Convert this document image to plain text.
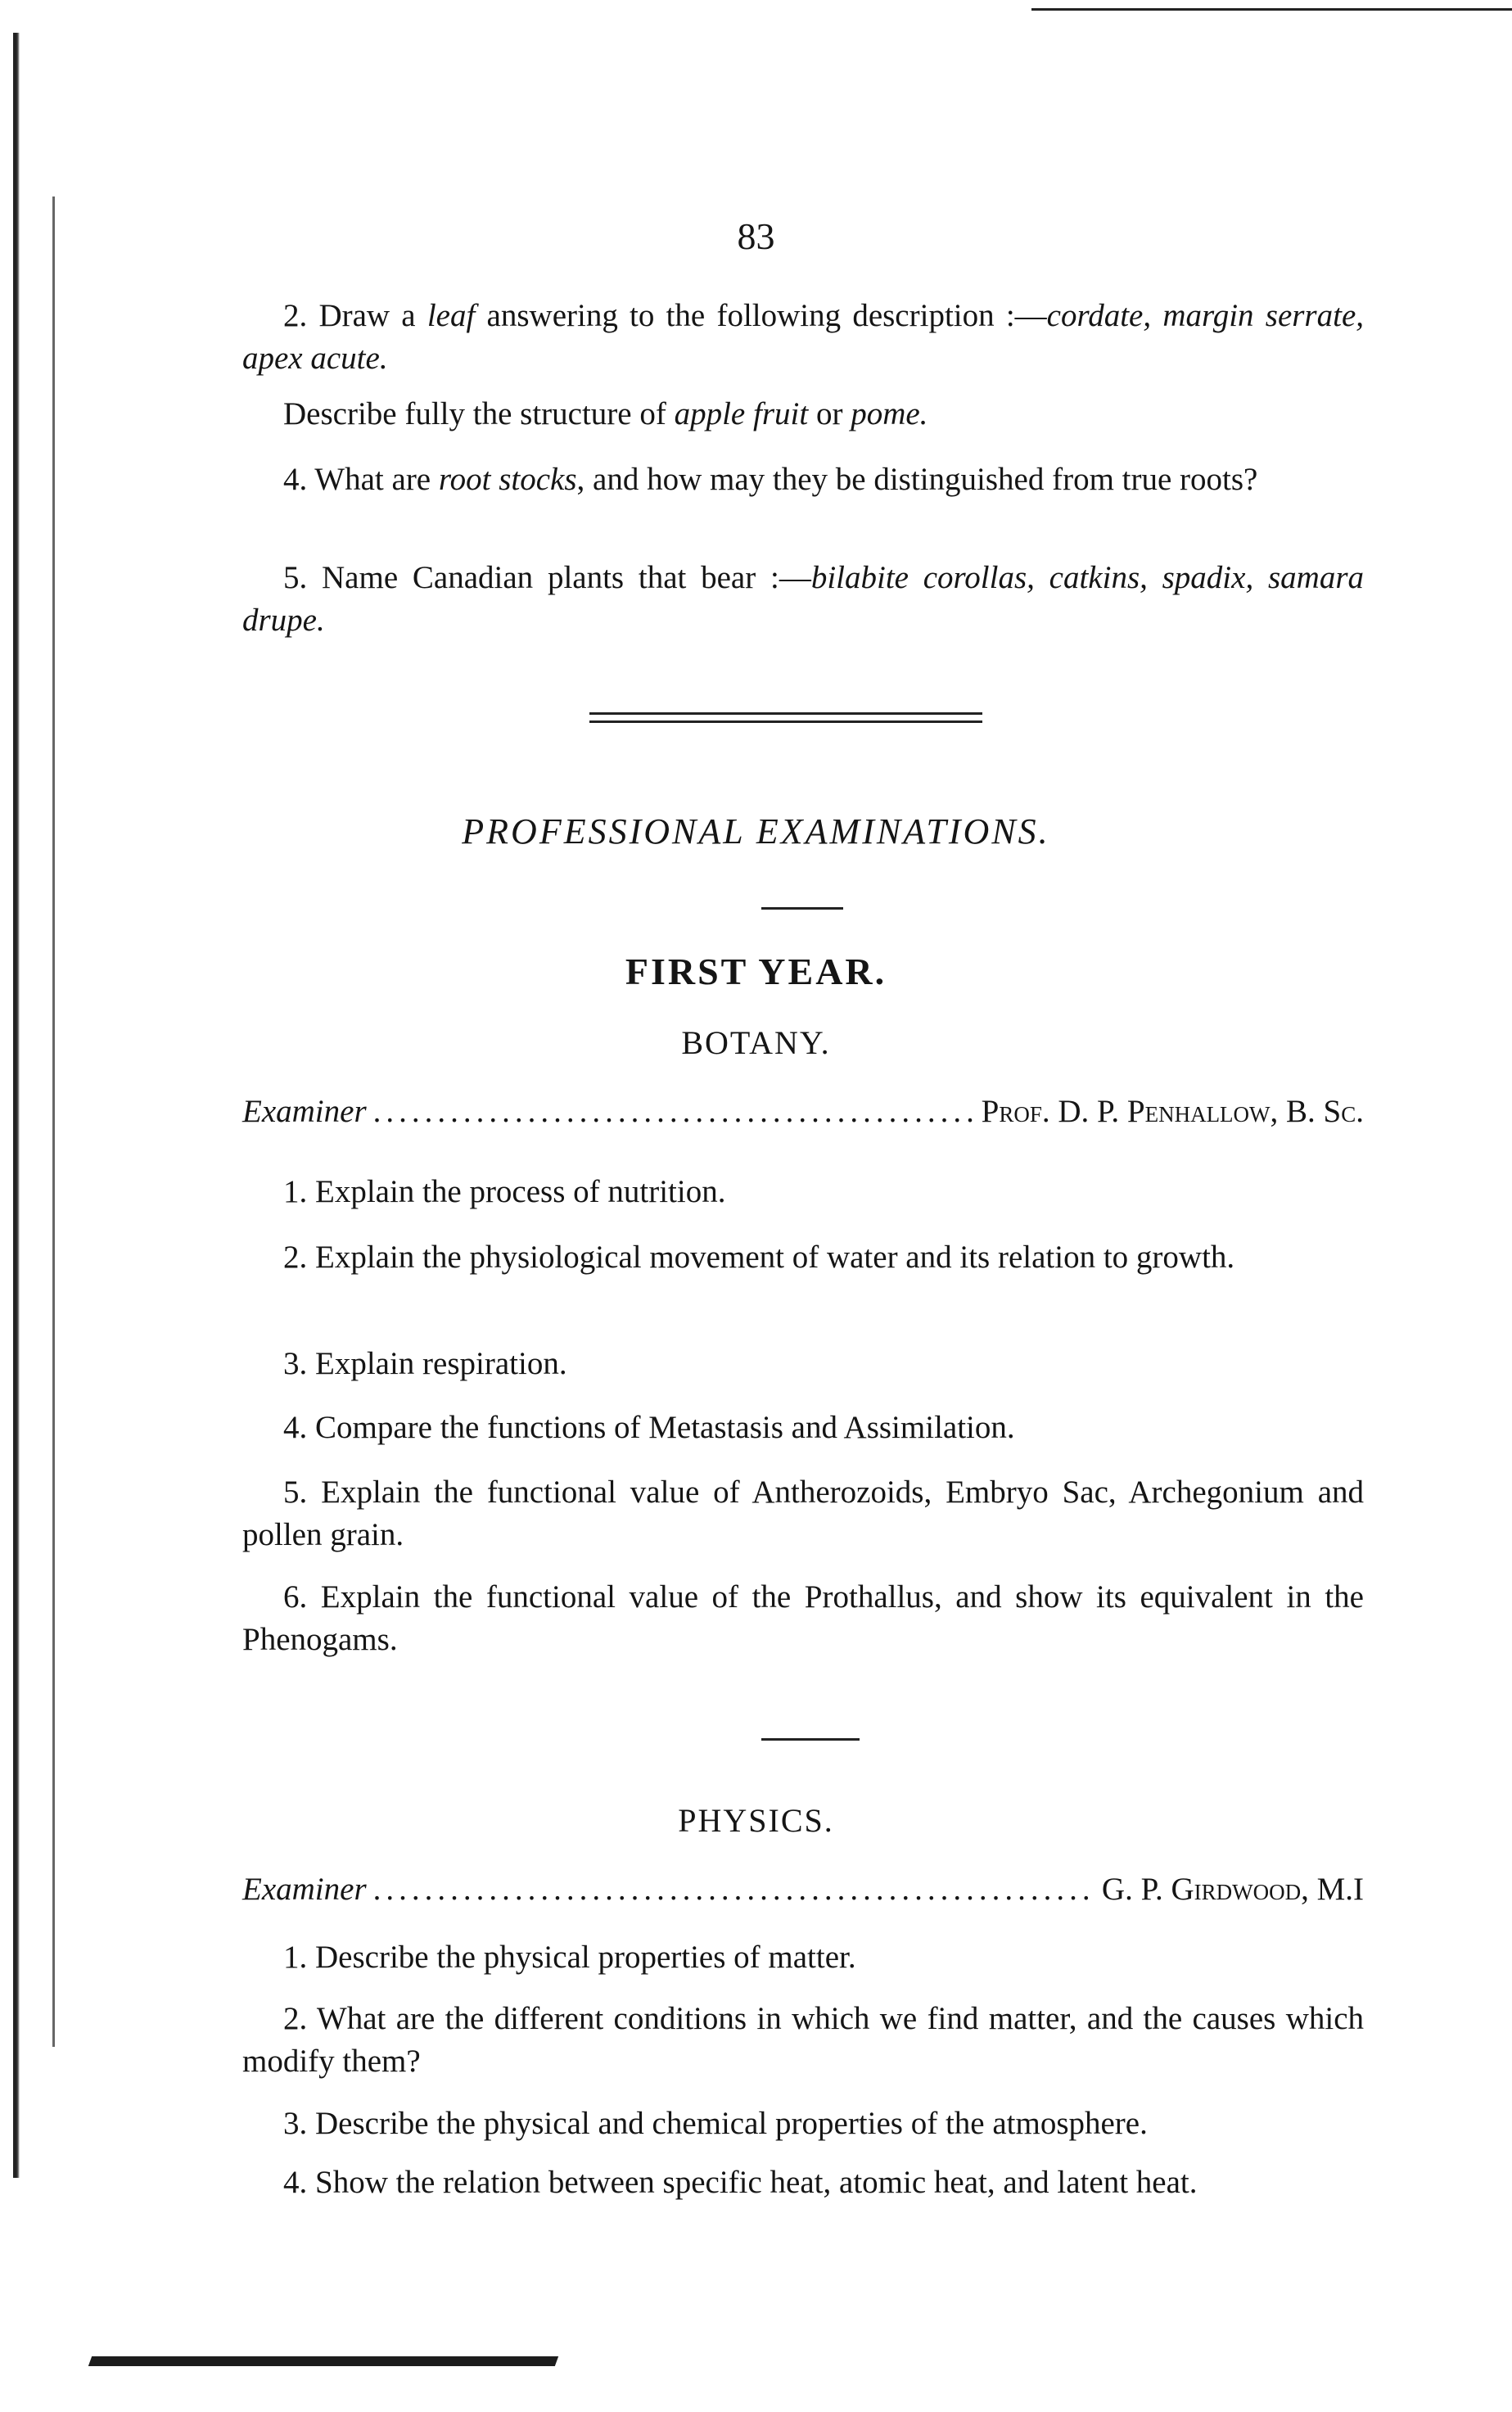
83
2. Draw a leaf answering to the following description :—cordate, margin serrate, apex acute.
Describe fully the structure of apple fruit or pome.
4. What are root stocks, and how may they be distinguished from true roots?
5. Name Canadian plants that bear :—bilabite corollas, catkins, spadix, samara drupe.
PROFESSIONAL EXAMINATIONS.
FIRST YEAR.
BOTANY.
Examiner .....	Prof. D. P. Penhallow, B. Sc.
1. Explain the process of nutrition.
2. Explain the physiological movement of water and its relation to growth.
3. Explain respiration.
4. Compare the functions of Metastasis and Assimilation.
5. Explain the functional value of Antherozoids, Embryo Sac, Archegonium and pollen grain.
6. Explain the functional value of the Prothallus, and show its equivalent in the Phenogams.
PHYSICS.
Examiner .....	G. P. Girdwood, M.I
1. Describe the physical properties of matter.
2. What are the different conditions in which we find matter, and the causes which modify them?
3. Describe the physical and chemical properties of the atmosphere.
4. Show the relation between specific heat, atomic heat, and latent heat.
